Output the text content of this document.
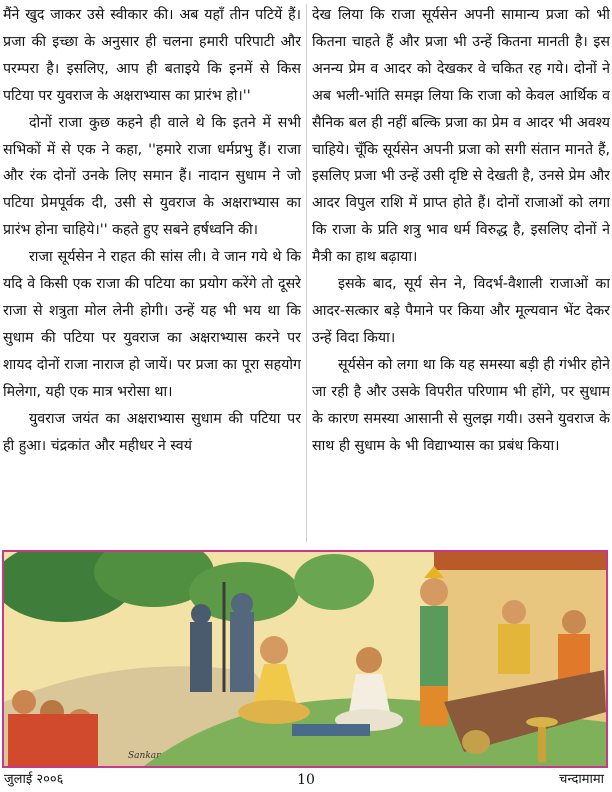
मैंने खुद जाकर उसे स्वीकार की। अब यहाँ तीन पटियें हैं। प्रजा की इच्छा के अनुसार ही चलना हमारी परिपाटी और परम्परा है। इसलिए, आप ही बताइये कि इनमें से किस पटिया पर युवराज के अक्षराभ्यास का प्रारंभ हो।''

दोनों राजा कुछ कहने ही वाले थे कि इतने में सभी सभिकों में से एक ने कहा, ''हमारे राजा धर्मप्रभु हैं। राजा और रंक दोनों उनके लिए समान हैं। नादान सुधाम ने जो पटिया प्रेमपूर्वक दी, उसी से युवराज के अक्षराभ्यास का प्रारंभ होना चाहिये।'' कहते हुए सबने हर्षध्वनि की।

राजा सूर्यसेन ने राहत की सांस ली। वे जान गये थे कि यदि वे किसी एक राजा की पटिया का प्रयोग करेंगे तो दूसरे राजा से शत्रुता मोल लेनी होगी। उन्हें यह भी भय था कि सुधाम की पटिया पर युवराज का अक्षराभ्यास करने पर शायद दोनों राजा नाराज हो जायें। पर प्रजा का पूरा सहयोग मिलेगा, यही एक मात्र भरोसा था।

युवराज जयंत का अक्षराभ्यास सुधाम की पटिया पर ही हुआ। चंद्रकांत और महीधर ने स्वयं

देख लिया कि राजा सूर्यसेन अपनी सामान्य प्रजा को भी कितना चाहते हैं और प्रजा भी उन्हें कितना मानती है। इस अनन्य प्रेम व आदर को देखकर वे चकित रह गये। दोनों ने अब भली-भांति समझ लिया कि राजा को केवल आर्थिक व सैनिक बल ही नहीं बल्कि प्रजा का प्रेम व आदर भी अवश्य चाहिये। चूँकि सूर्यसेन अपनी प्रजा को सगी संतान मानते हैं, इसलिए प्रजा भी उन्हें उसी दृष्टि से देखती है, उनसे प्रेम और आदर विपुल राशि में प्राप्त होते हैं। दोनों राजाओं को लगा कि राजा के प्रति शत्रु भाव धर्म विरुद्ध है, इसलिए दोनों ने मैत्री का हाथ बढ़ाया।

इसके बाद, सूर्य सेन ने, विदर्भ-वैशाली राजाओं का आदर-सत्कार बड़े पैमाने पर किया और मूल्यवान भेंट देकर उन्हें विदा किया।

सूर्यसेन को लगा था कि यह समस्या बड़ी ही गंभीर होने जा रही है और उसके विपरीत परिणाम भी होंगे, पर सुधाम के कारण समस्या आसानी से सुलझ गयी। उसने युवराज के साथ ही सुधाम के भी विद्याभ्यास का प्रबंध किया।

Sankar
जुलाई २००६	10	चन्दामामा
